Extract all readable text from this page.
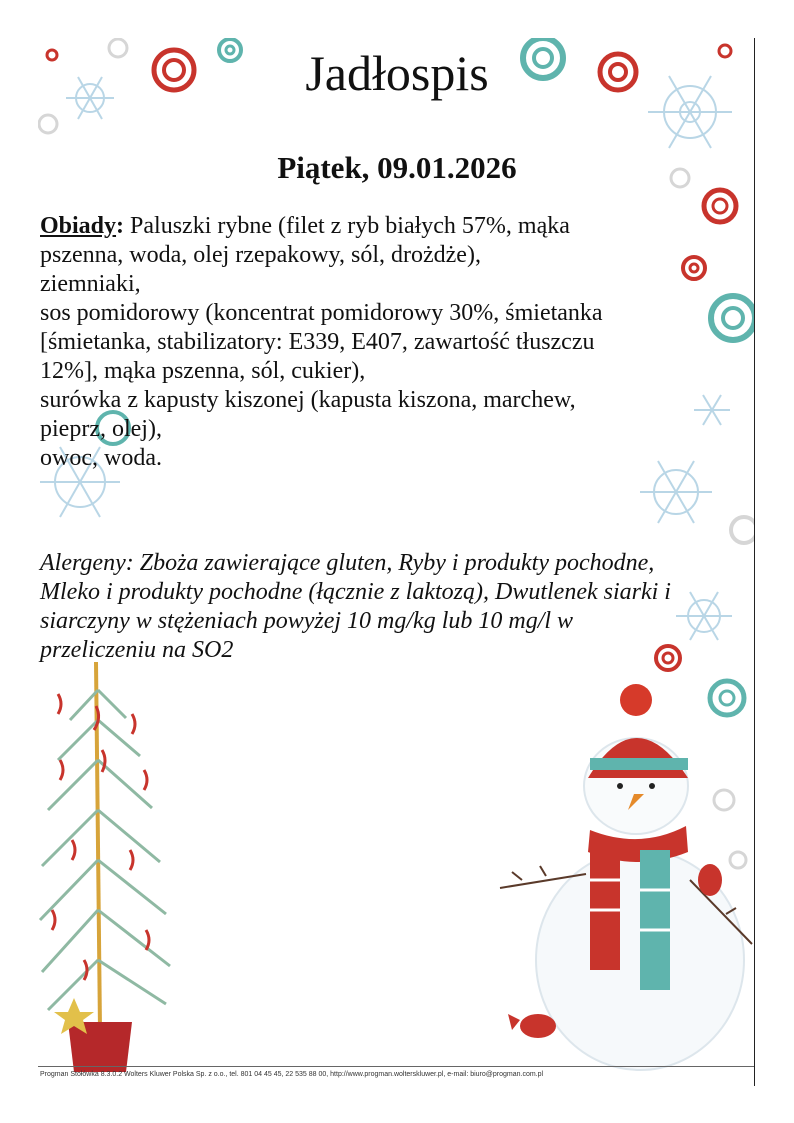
Jadłospis
Piątek, 09.01.2026
Obiady: Paluszki rybne (filet z ryb białych 57%, mąka
pszenna, woda, olej rzepakowy, sól, drożdże),
ziemniaki,
sos pomidorowy (koncentrat pomidorowy 30%, śmietanka
[śmietanka, stabilizatory: E339, E407, zawartość tłuszczu
12%], mąka pszenna, sól, cukier),
surówka z kapusty kiszonej (kapusta kiszona, marchew,
pieprz, olej),
owoc, woda.
Alergeny: Zboża zawierające gluten, Ryby i produkty pochodne,
Mleko i produkty pochodne (łącznie z laktozą), Dwutlenek siarki i
siarczyny w stężeniach powyżej 10 mg/kg lub 10 mg/l w
przeliczeniu na SO2
Progman Stołówka 8.3.0.2 Wolters Kluwer Polska Sp. z o.o., tel. 801 04 45 45, 22 535 88 00, http://www.progman.wolterskluwer.pl, e-mail: biuro@progman.com.pl
